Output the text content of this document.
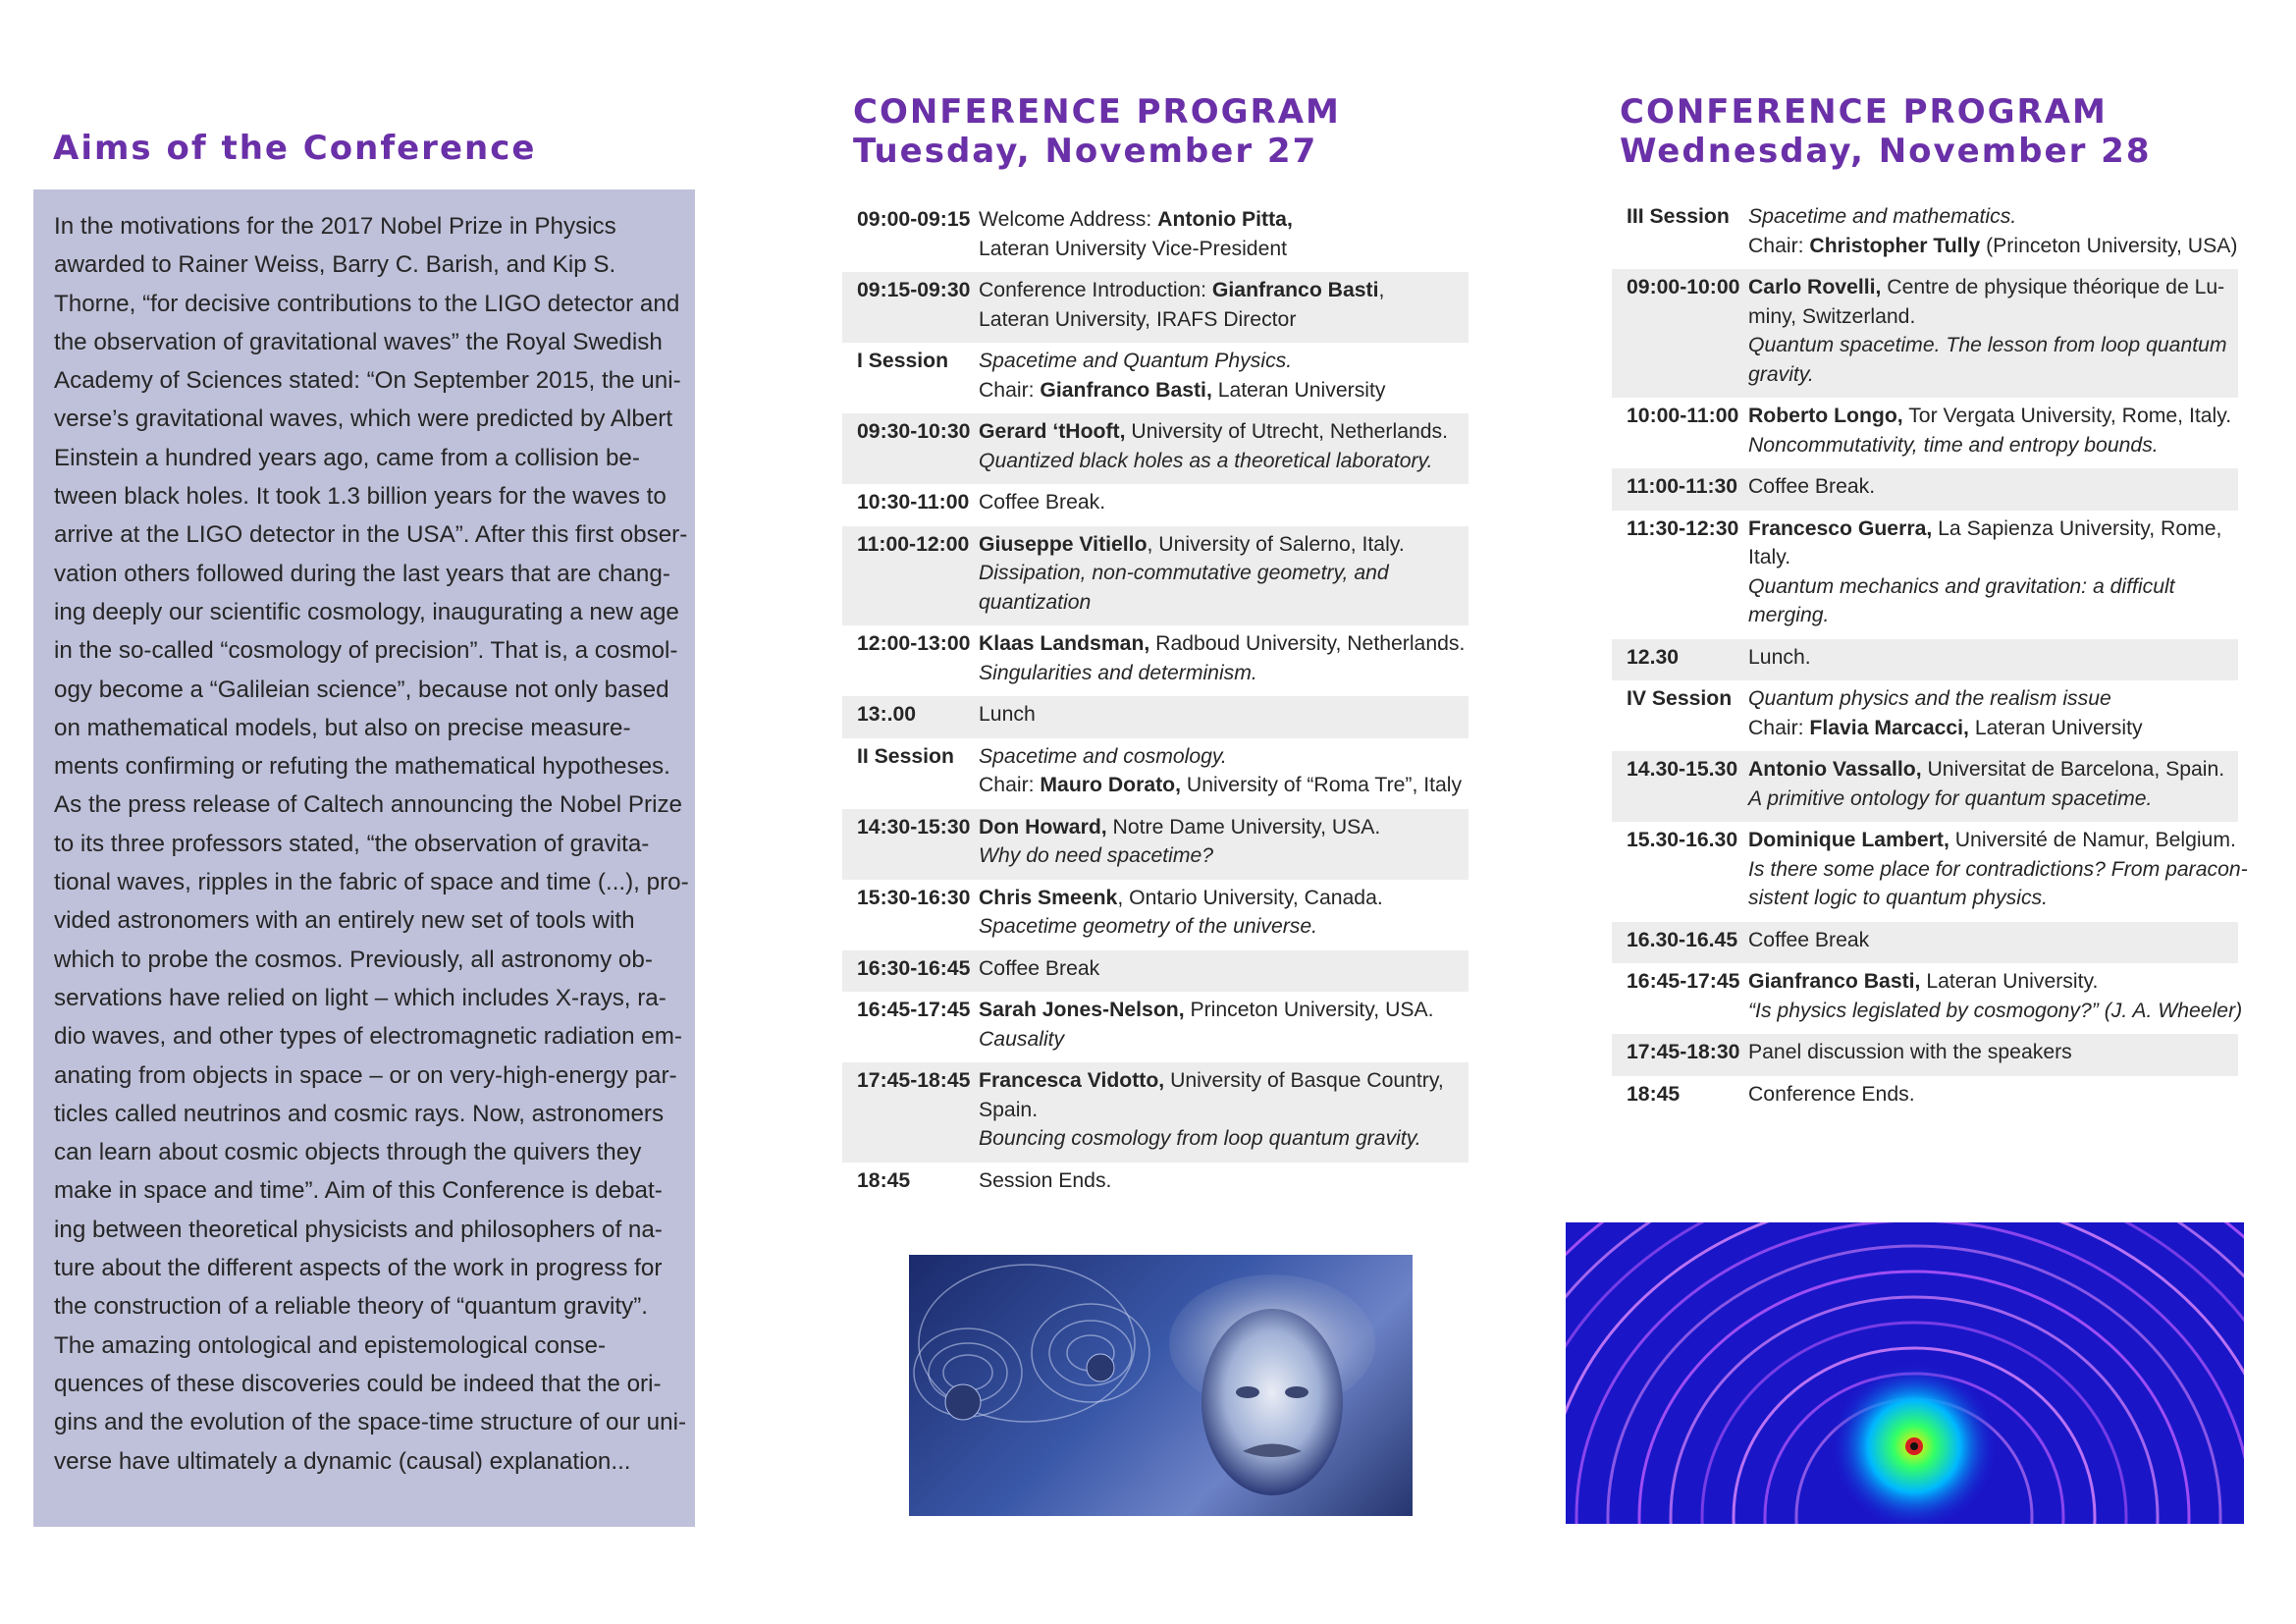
Aims of the Conference
In the motivations for the 2017 Nobel Prize in Physics
awarded to Rainer Weiss, Barry C. Barish, and Kip S.
Thorne, “for decisive contributions to the LIGO detector and
the observation of gravitational waves” the Royal Swedish
Academy of Sciences stated: “On September 2015, the uni-
verse’s gravitational waves, which were predicted by Albert
Einstein a hundred years ago, came from a collision be-
tween black holes. It took 1.3 billion years for the waves to
arrive at the LIGO detector in the USA”. After this first obser-
vation others followed during the last years that are chang-
ing deeply our scientific cosmology, inaugurating a new age
in the so-called “cosmology of precision”. That is, a cosmol-
ogy become a “Galileian science”, because not only based
on mathematical models, but also on precise measure-
ments confirming or refuting the mathematical hypotheses.
As the press release of Caltech announcing the Nobel Prize
to its three professors stated, “the observation of gravita-
tional waves, ripples in the fabric of space and time (...), pro-
vided astronomers with an entirely new set of tools with
which to probe the cosmos. Previously, all astronomy ob-
servations have relied on light – which includes X-rays, ra-
dio waves, and other types of electromagnetic radiation em-
anating from objects in space – or on very-high-energy par-
ticles called neutrinos and cosmic rays. Now, astronomers
can learn about cosmic objects through the quivers they
make in space and time”. Aim of this Conference is debat-
ing between theoretical physicists and philosophers of na-
ture about the different aspects of the work in progress for
the construction of a reliable theory of “quantum gravity”.
The amazing ontological and epistemological conse-
quences of these discoveries could be indeed that the ori-
gins and the evolution of the space-time structure of our uni-
verse have ultimately a dynamic (causal) explanation...
CONFERENCE PROGRAM
Tuesday, November 27
09:00-09:15 Welcome Address: Antonio Pitta,
Lateran University Vice-President
09:15-09:30 Conference Introduction: Gianfranco Basti,
Lateran University, IRAFS Director
I Session	Spacetime and Quantum Physics.
Chair: Gianfranco Basti, Lateran University
09:30-10:30 Gerard ‘tHooft, University of Utrecht, Netherlands.
Quantized black holes as a theoretical laboratory.
10:30-11:00 Coffee Break.
11:00-12:00 Giuseppe Vitiello, University of Salerno, Italy.
Dissipation, non-commutative geometry, and
quantization
12:00-13:00 Klaas Landsman, Radboud University, Netherlands.
Singularities and determinism.
13:.00	Lunch
II Session	Spacetime and cosmology.
Chair: Mauro Dorato, University of “Roma Tre”, Italy
14:30-15:30 Don Howard, Notre Dame University, USA.
Why do need spacetime?
15:30-16:30 Chris Smeenk, Ontario University, Canada.
Spacetime geometry of the universe.
16:30-16:45 Coffee Break
16:45-17:45 Sarah Jones-Nelson, Princeton University, USA.
Causality
17:45-18:45 Francesca Vidotto, University of Basque Country,
Spain.
Bouncing cosmology from loop quantum gravity.
18:45	Session Ends.
CONFERENCE PROGRAM
Wednesday, November 28
III Session Spacetime and mathematics.
Chair: Christopher Tully (Princeton University, USA)
09:00-10:00 Carlo Rovelli, Centre de physique théorique de Lu-
miny, Switzerland.
Quantum spacetime. The lesson from loop quantum
gravity.
10:00-11:00 Roberto Longo, Tor Vergata University, Rome, Italy.
Noncommutativity, time and entropy bounds.
11:00-11:30 Coffee Break.
11:30-12:30 Francesco Guerra, La Sapienza University, Rome,
Italy.
Quantum mechanics and gravitation: a difficult
merging.
12.30	Lunch.
IV Session Quantum physics and the realism issue
Chair: Flavia Marcacci, Lateran University
14.30-15.30 Antonio Vassallo, Universitat de Barcelona, Spain.
A primitive ontology for quantum spacetime.
15.30-16.30 Dominique Lambert, Université de Namur, Belgium.
Is there some place for contradictions? From paracon-
sistent logic to quantum physics.
16.30-16.45 Coffee Break
16:45-17:45 Gianfranco Basti, Lateran University.
“Is physics legislated by cosmogony?” (J. A. Wheeler)
17:45-18:30 Panel discussion with the speakers
18:45	Conference Ends.
